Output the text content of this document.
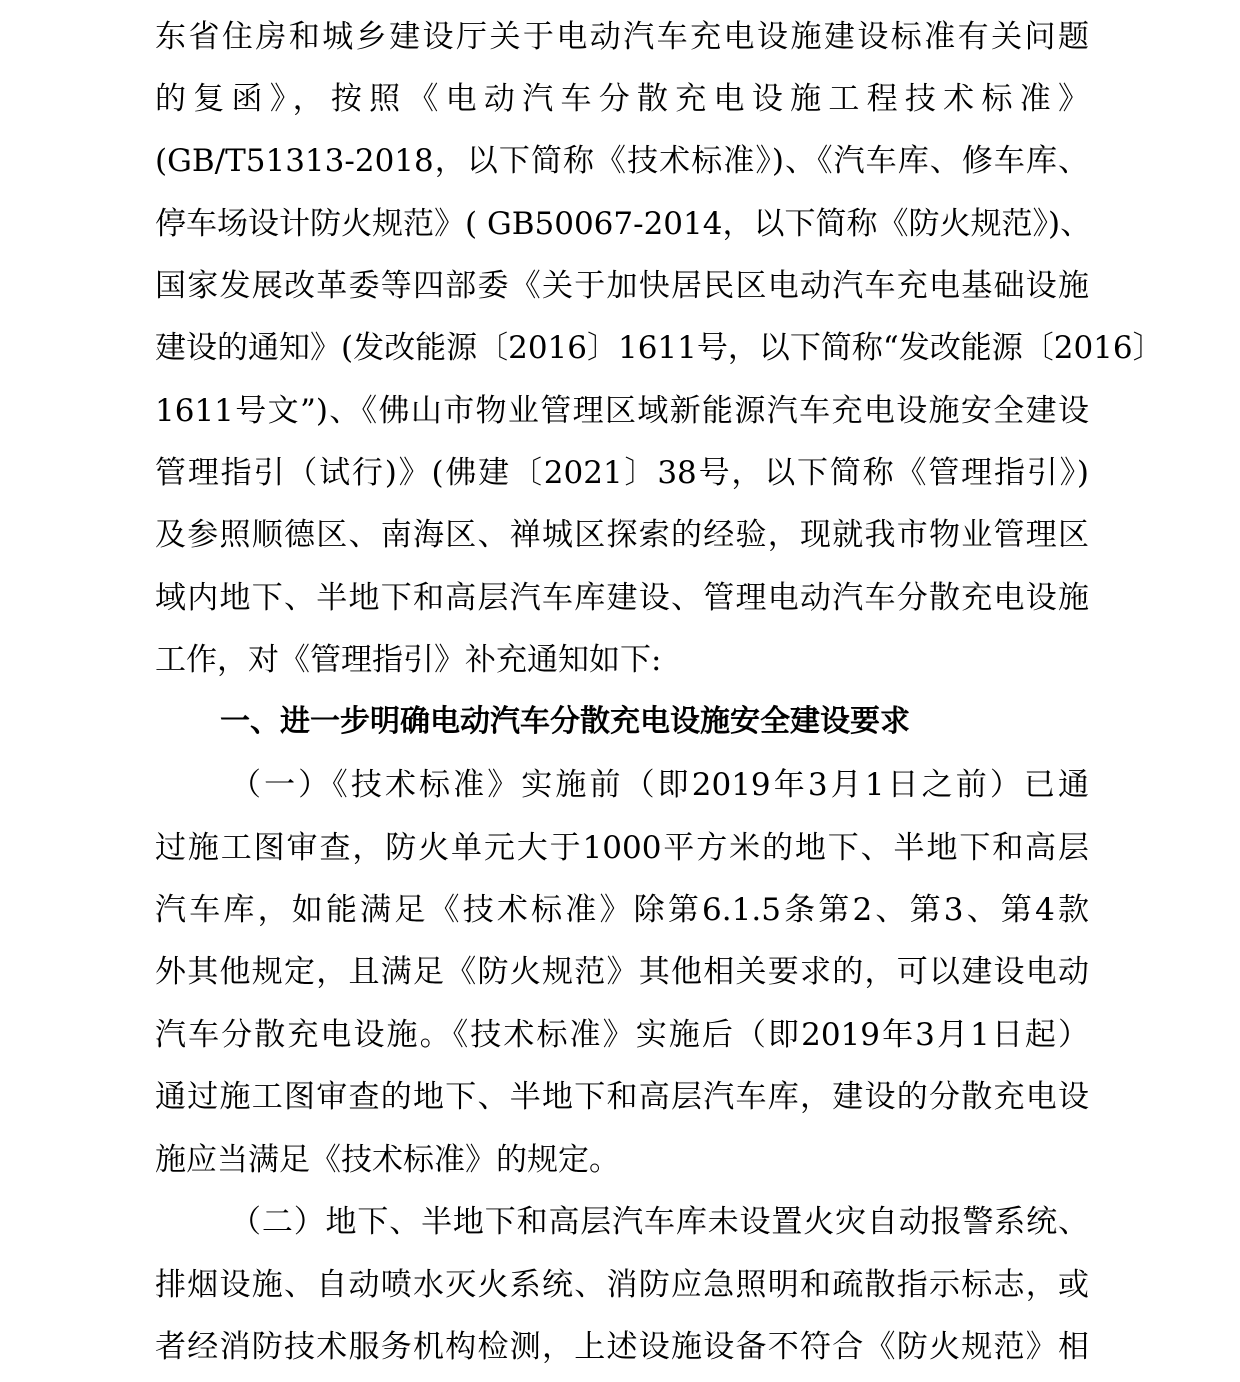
东省住房和城乡建设厅关于电动汽车充电设施建设标准有关问题
的复函》，按照《电动汽车分散充电设施工程技术标准》
(GB/T51313-2018，以下简称《技术标准》)、《汽车库、修车库、
停车场设计防火规范》( GB50067-2014，以下简称《防火规范》)、
国家发展改革委等四部委《关于加快居民区电动汽车充电基础设施
建设的通知》(发改能源〔2016〕1611号，以下简称“发改能源〔2016〕
1611号文”)、《佛山市物业管理区域新能源汽车充电设施安全建设
管理指引（试行)》(佛建〔2021〕38号，以下简称《管理指引》)
及参照顺德区、南海区、禅城区探索的经验，现就我市物业管理区
域内地下、半地下和高层汽车库建设、管理电动汽车分散充电设施
工作，对《管理指引》补充通知如下:
一、进一步明确电动汽车分散充电设施安全建设要求
（一）《技术标准》实施前（即2019年3月1日之前）已通
过施工图审查，防火单元大于1000平方米的地下、半地下和高层
汽车库，如能满足《技术标准》除第6.1.5条第2、第3、第4款
外其他规定，且满足《防火规范》其他相关要求的，可以建设电动
汽车分散充电设施。《技术标准》实施后（即2019年3月1日起）
通过施工图审查的地下、半地下和高层汽车库，建设的分散充电设
施应当满足《技术标准》的规定。
（二）地下、半地下和高层汽车库未设置火灾自动报警系统、
排烟设施、自动喷水灭火系统、消防应急照明和疏散指示标志，或
者经消防技术服务机构检测，上述设施设备不符合《防火规范》相
